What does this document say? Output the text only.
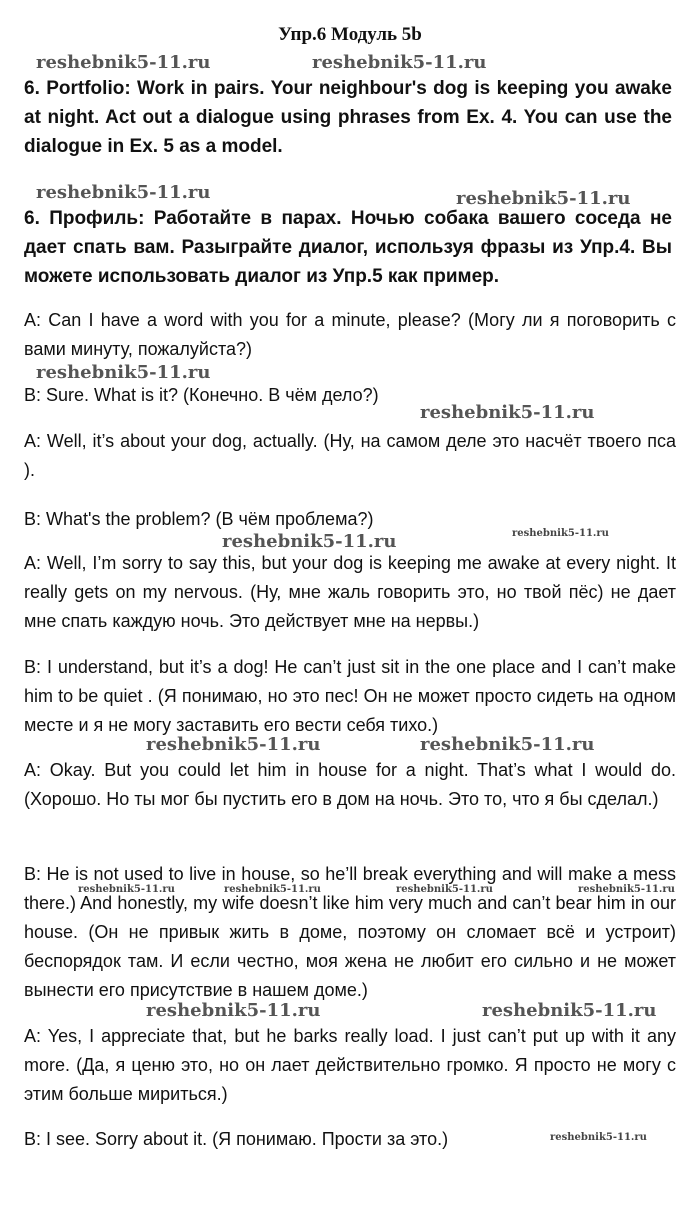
Упр.6 Модуль 5b
reshebnik5-11.ru	reshebnik5-11.ru
6. Portfolio: Work in pairs. Your neighbour's dog is keeping you awake at night. Act out a dialogue using phrases from Ex. 4. You can use the dialogue in Ex. 5 as a model.
reshebnik5-11.ru	reshebnik5-11.ru
6. Профиль: Работайте в парах. Ночью собака вашего соседа не дает спать вам. Разыграйте диалог, используя фразы из Упр.4. Вы можете использовать диалог из Упр.5 как пример.
A: Can I have a word with you for a minute, please? (Могу ли я поговорить с вами минуту, пожалуйста?)
reshebnik5-11.ru
B: Sure. What is it? (Конечно. В чём дело?)
reshebnik5-11.ru
A: Well, it’s about your dog, actually. (Ну, на самом деле это насчёт твоего пса ).
B: What's the problem? (В чём проблема?)
reshebnik5-11.ru
reshebnik5-11.ru
A: Well, I’m sorry to say this, but your dog is keeping me awake at every night. It really gets on my nervous. (Ну, мне жаль говорить это, но твой пёс) не дает мне спать каждую ночь. Это действует мне на нервы.)
B: I understand, but it’s a dog! He can’t just sit in the one place and I can’t make him to be quiet . (Я понимаю, но это пес! Он не может просто сидеть на одном месте и я не могу заставить его вести себя тихо.)
reshebnik5-11.ru	reshebnik5-11.ru
A: Okay. But you could let him in house for a night. That’s what I would do. (Хорошо. Но ты мог бы пустить его в дом на ночь. Это то, что я бы сделал.)
B: He is not used to live in house, so he’ll break everything and will make a mess there.) And honestly, my wife doesn’t like him very much and can’t bear him in our house. (Он не привык жить в доме, поэтому он сломает всё и устроит) беспорядок там. И если честно, моя жена не любит его сильно и не может вынести его присутствие в нашем доме.)
reshebnik5-11.ru	reshebnik5-11.ru	reshebnik5-11.ru	reshebnik5-11.ru
reshebnik5-11.ru	reshebnik5-11.ru
A: Yes, I appreciate that, but he barks really load. I just can’t put up with it any more. (Да, я ценю это, но он лает действительно громко. Я просто не могу с этим больше мириться.)
B: I see. Sorry about it. (Я понимаю. Прости за это.)	reshebnik5-11.ru
